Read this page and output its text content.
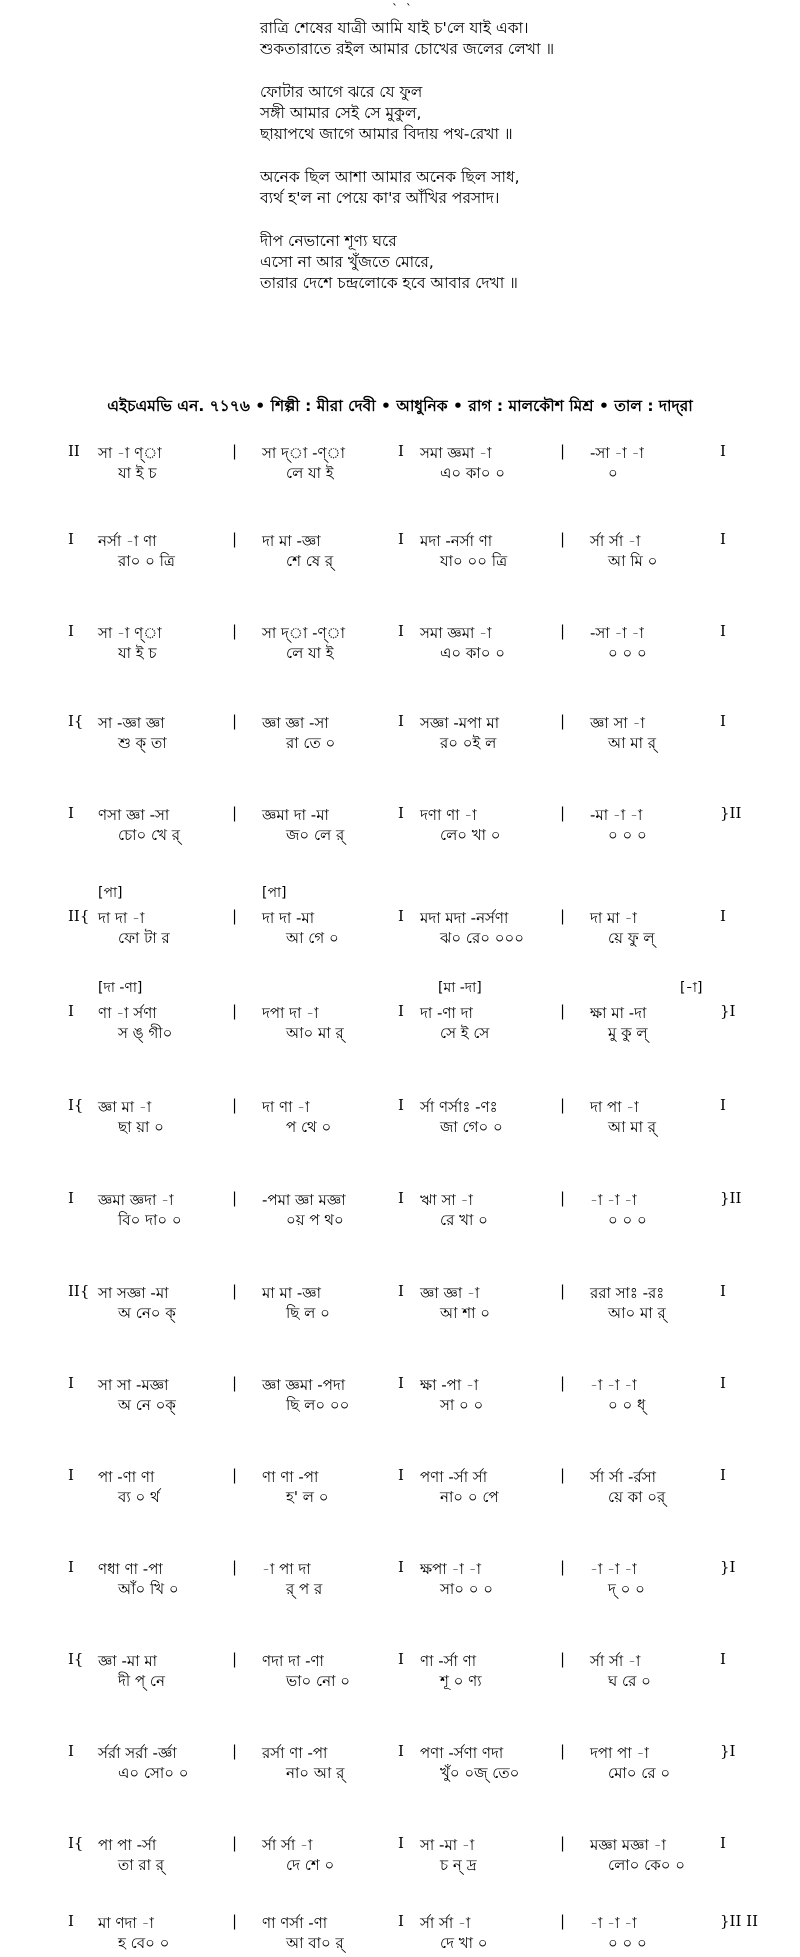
` `
রাত্রি শেষের যাত্রী আমি যাই চ'লে যাই একা।
শুকতারাতে রইল আমার চোখের জলের লেখা ॥
ফোটার আগে ঝরে যে ফুল
সঙ্গী আমার সেই সে মুকুল,
ছায়াপথে জাগে আমার বিদায় পথ-রেখা ॥
অনেক ছিল আশা আমার অনেক ছিল সাধ,
ব্যর্থ হ'ল না পেয়ে কা'র আঁখির পরসাদ।
দীপ নেভানো শূণ্য ঘরে
এসো না আর খুঁজতে মোরে,
তারার দেশে চন্দ্রলোকে হবে আবার দেখা ॥
এইচএমভি এন. ৭১৭৬ • শিল্পী : মীরা দেবী • আধুনিক • রাগ : মালকৌশ মিশ্র • তাল : দাদ্‌রা
II সা -া ণ্া	| সা দ্া -ণ্া	I সমা জ্ঞমা -া	| -সা -া -া	I
যা ই চ	লে যা ই	এ০ কা০ ০	০
I নর্সা -া ণা	| দা মা -জ্ঞা	I মদা -নর্সা ণা	| র্সা র্সা -া	I
রা০ ০ ত্রি	শে ষে র্	যা০ ০০ ত্রি	আ মি ০
I সা -া ণ্া	| সা দ্া -ণ্া	I সমা জ্ঞমা -া	| -সা -া -া	I
যা ই চ	লে যা ই	এ০ কা০ ০	০ ০ ০
I{ সা -জ্ঞা জ্ঞা	| জ্ঞা জ্ঞা -সা	I সজ্ঞা -মপা মা	| জ্ঞা সা -া	I
শু ক্ তা	রা তে ০	র০ ০ই ল	আ মা র্
I ণসা জ্ঞা -সা	| জ্ঞমা দা -মা	I দণা ণা -া	| -মা -া -া	}II
চো০ খে র্	জ০ লে র্	লে০ খা ০	০ ০ ০
II{ দা দা -া	| দা দা -মা	I মদা মদা -নর্সণা	| দা মা -া	I
ফো টা র	আ গে ০	ঝ০ রে০ ০০০	য়ে ফু ল্
[পা]	[পা]
I ণা -া র্সণা	| দপা দা -া	I দা -ণা দা	| ক্ষা মা -দা	}I
স ঙ্ গী০	আ০ মা র্	সে ই সে	মু কু ল্
[দা -ণা]	[মা -দা]	[-া]
I{ জ্ঞা মা -া	| দা ণা -া	I র্সা ণর্সাঃ -ণঃ	| দা পা -া	I
ছা য়া ০	প থে ০	জা গে০ ০	আ মা র্
I জ্ঞমা জ্ঞদা -া	| -পমা জ্ঞা মজ্ঞা	I ঋা সা -া	| -া -া -া	}II
বি০ দা০ ০	০য় প থ০	রে খা ০	০ ০ ০
II{ সা সজ্ঞা -মা	| মা মা -জ্ঞা	I জ্ঞা জ্ঞা -া	| ররা সাঃ -রঃ	I
অ নে০ ক্	ছি ল ০	আ শা ০	আ০ মা র্
I সা সা -মজ্ঞা	| জ্ঞা জ্ঞমা -পদা	I ক্ষা -পা -া	| -া -া -া	I
অ নে ০ক্	ছি ল০ ০০	সা ০ ০	০ ০ ধ্
I পা -ণা ণা	| ণা ণা -পা	I পণা -র্সা র্সা	| র্সা র্সা -র্রসা	I
ব্য ০ র্থ	হ' ল ০	না০ ০ পে	য়ে কা ০র্
I ণধা ণা -পা	| -া পা দা	I ক্ষপা -া -া	| -া -া -া	}I
আঁ০ খি ০	র্ প র	সা০ ০ ০	দ্ ০ ০
I{ জ্ঞা -মা মা	| ণদা দা -ণা	I ণা -র্সা ণা	| র্সা র্সা -া	I
দী প্ নে	ভা০ নো ০	শূ ০ ণ্য	ঘ রে ০
I র্সর্রা সর্রা -র্জ্ঞা	| রর্সা ণা -পা	I পণা -র্সণা ণদা	| দপা পা -া	}I
এ০ সো০ ০	না০ আ র্	খুঁ০ ০জ্ তে০	মো০ রে ০
I{ পা পা -র্সা	| র্সা র্সা -া	I সা -মা -া	| মজ্ঞা মজ্ঞা -া	I
তা রা র্	দে শে ০	চ ন্ দ্র	লো০ কে০ ০
I মা ণদা -া	| ণা ণর্সা -ণা	I র্সা র্সা -া	| -া -া -া	}II II
হ বে০ ০	আ বা০ র্	দে খা ০	০ ০ ০
